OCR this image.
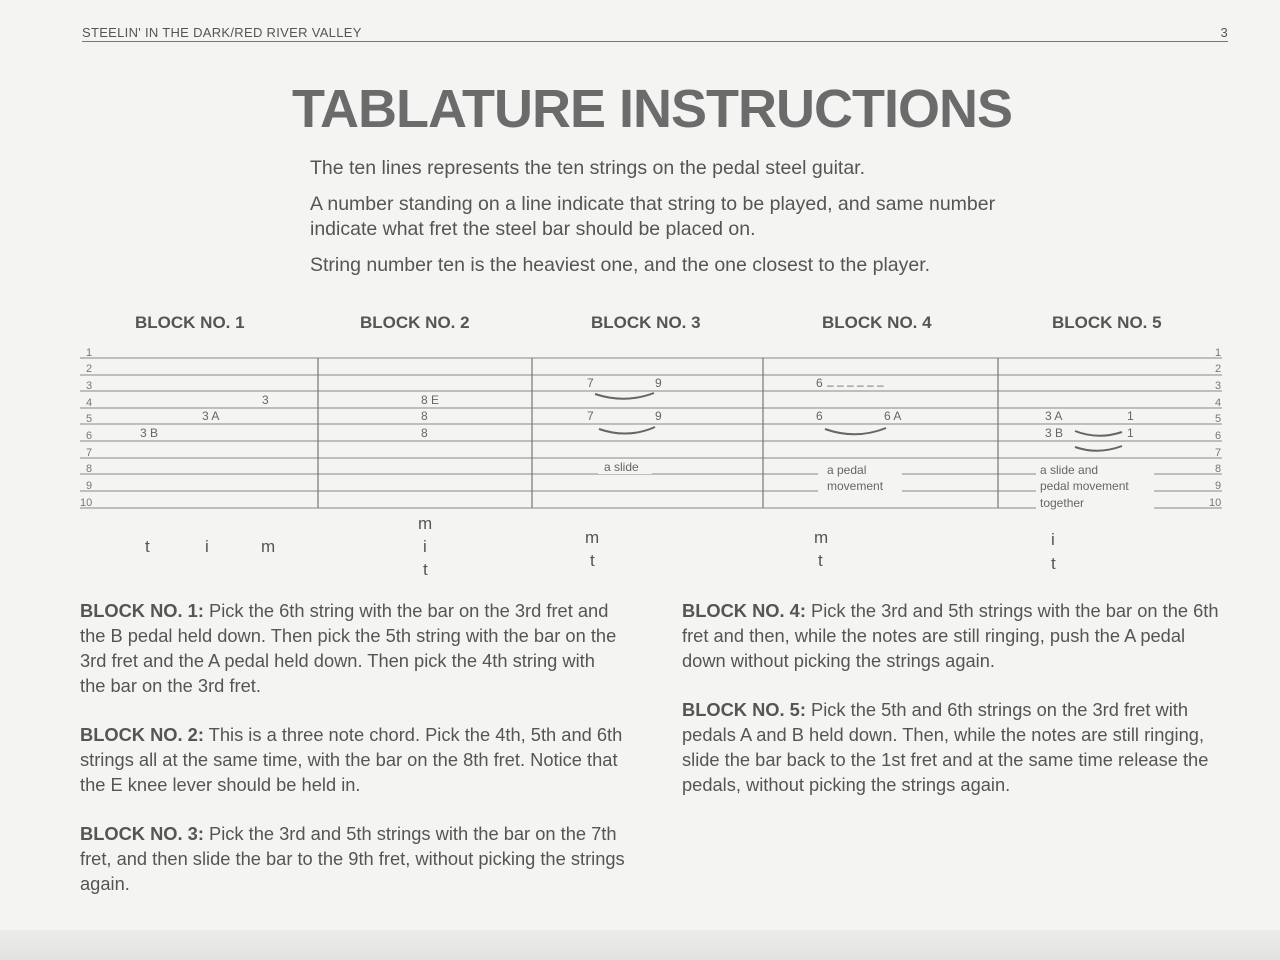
STEELIN' IN THE DARK/RED RIVER VALLEY	3
TABLATURE INSTRUCTIONS

The ten lines represents the ten strings on the pedal steel guitar.

A number standing on a line indicate that string to be played, and same number indicate what fret the steel bar should be placed on.

String number ten is the heaviest one, and the one closest to the player.

BLOCK NO. 1	BLOCK NO. 2	BLOCK NO. 3	BLOCK NO. 4	BLOCK NO. 5
1
2
3
4
5
6
7
8
9
10
1
2
3
4
5
6
7
8
9
10
3
3 A
3 B
8 E
8
8
7	9
7	9
a slide
6 – – – – – –
6	6 A
a pedal
movement
3 A	1
3 B	1
a slide and
pedal movement
together
t	i	m
m
i
t
m
t
m
t
i
t

BLOCK NO. 1: Pick the 6th string with the bar on the 3rd fret and the B pedal held down. Then pick the 5th string with the bar on the 3rd fret and the A pedal held down. Then pick the 4th string with the bar on the 3rd fret.

BLOCK NO. 2: This is a three note chord. Pick the 4th, 5th and 6th strings all at the same time, with the bar on the 8th fret. Notice that the E knee lever should be held in.

BLOCK NO. 3: Pick the 3rd and 5th strings with the bar on the 7th fret, and then slide the bar to the 9th fret, without picking the strings again.

BLOCK NO. 4: Pick the 3rd and 5th strings with the bar on the 6th fret and then, while the notes are still ringing, push the A pedal down without picking the strings again.

BLOCK NO. 5: Pick the 5th and 6th strings on the 3rd fret with pedals A and B held down. Then, while the notes are still ringing, slide the bar back to the 1st fret and at the same time release the pedals, without picking the strings again.
